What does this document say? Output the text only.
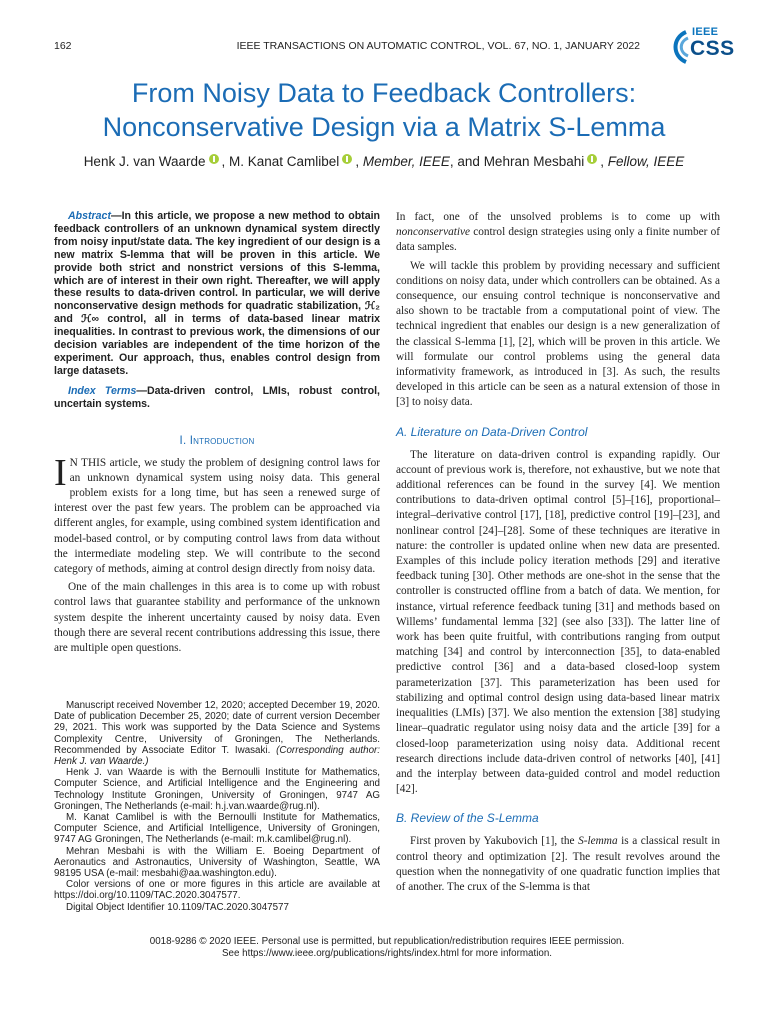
162	IEEE TRANSACTIONS ON AUTOMATIC CONTROL, VOL. 67, NO. 1, JANUARY 2022
IEEE
CSS
From Noisy Data to Feedback Controllers:
Nonconservative Design via a Matrix S-Lemma
Henk J. van Waarde , M. Kanat Camlibel , Member, IEEE, and Mehran Mesbahi , Fellow, IEEE
Abstract—In this article, we propose a new method to obtain feedback controllers of an unknown dynamical system directly from noisy input/state data. The key ingredient of our design is a new matrix S-lemma that will be proven in this article. We provide both strict and nonstrict versions of this S-lemma, which are of interest in their own right. Thereafter, we will apply these results to data-driven control. In particular, we will derive nonconservative design methods for quadratic stabilization, ℋ₂ and ℋ∞ control, all in terms of data-based linear matrix inequalities. In contrast to previous work, the dimensions of our decision variables are independent of the time horizon of the experiment. Our approach, thus, enables control design from large datasets.
Index Terms—Data-driven control, LMIs, robust control, uncertain systems.
I. Introduction

I N THIS article, we study the problem of designing control laws for an unknown dynamical system using noisy data. This general problem exists for a long time, but has seen a renewed surge of interest over the past few years. The problem can be approached via different angles, for example, using combined system identification and model-based control, or by computing control laws from data without the intermediate modeling step. We will contribute to the second category of methods, aiming at control design directly from noisy data.

One of the main challenges in this area is to come up with robust control laws that guarantee stability and performance of the unknown system despite the inherent uncertainty caused by noisy data. Even though there are several recent contributions addressing this issue, there are multiple open questions.

Manuscript received November 12, 2020; accepted December 19, 2020. Date of publication December 25, 2020; date of current version December 29, 2021. This work was supported by the Data Science and Systems Complexity Centre, University of Groningen, The Netherlands. Recommended by Associate Editor T. Iwasaki. (Corresponding author: Henk J. van Waarde.)

Henk J. van Waarde is with the Bernoulli Institute for Mathematics, Computer Science, and Artificial Intelligence and the Engineering and Technology Institute Groningen, University of Groningen, 9747 AG Groningen, The Netherlands (e-mail: h.j.van.waarde@rug.nl).

M. Kanat Camlibel is with the Bernoulli Institute for Mathematics, Computer Science, and Artificial Intelligence, University of Groningen, 9747 AG Groningen, The Netherlands (e-mail: m.k.camlibel@rug.nl).

Mehran Mesbahi is with the William E. Boeing Department of Aeronautics and Astronautics, University of Washington, Seattle, WA 98195 USA (e-mail: mesbahi@aa.washington.edu).

Color versions of one or more figures in this article are available at https://doi.org/10.1109/TAC.2020.3047577.

Digital Object Identifier 10.1109/TAC.2020.3047577

In fact, one of the unsolved problems is to come up with nonconservative control design strategies using only a finite number of data samples.

We will tackle this problem by providing necessary and sufficient conditions on noisy data, under which controllers can be obtained. As a consequence, our ensuing control technique is nonconservative and also shown to be tractable from a computational point of view. The technical ingredient that enables our design is a new generalization of the classical S-lemma [1], [2], which will be proven in this article. We will formulate our control problems using the general data informativity framework, as introduced in [3]. As such, the results developed in this article can be seen as a natural extension of those in [3] to noisy data.

A. Literature on Data-Driven Control

The literature on data-driven control is expanding rapidly. Our account of previous work is, therefore, not exhaustive, but we note that additional references can be found in the survey [4]. We mention contributions to data-driven optimal control [5]–[16], proportional–integral–derivative control [17], [18], predictive control [19]–[23], and nonlinear control [24]–[28]. Some of these techniques are iterative in nature: the controller is updated online when new data are presented. Examples of this include policy iteration methods [29] and iterative feedback tuning [30]. Other methods are one-shot in the sense that the controller is constructed offline from a batch of data. We mention, for instance, virtual reference feedback tuning [31] and methods based on Willems’ fundamental lemma [32] (see also [33]). The latter line of work has been quite fruitful, with contributions ranging from output matching [34] and control by interconnection [35], to data-enabled predictive control [36] and a data-based closed-loop system parameterization [37]. This parameterization has been used for stabilizing and optimal control design using data-based linear matrix inequalities (LMIs) [37]. We also mention the extension [38] studying linear–quadratic regulator using noisy data and the article [39] for a closed-loop parameterization using noisy data. Additional recent research directions include data-driven control of networks [40], [41] and the interplay between data-guided control and model reduction [42].

B. Review of the S-Lemma

First proven by Yakubovich [1], the S-lemma is a classical result in control theory and optimization [2]. The result revolves around the question when the nonnegativity of one quadratic function implies that of another. The crux of the S-lemma is that

0018-9286 © 2020 IEEE. Personal use is permitted, but republication/redistribution requires IEEE permission.
See https://www.ieee.org/publications/rights/index.html for more information.
